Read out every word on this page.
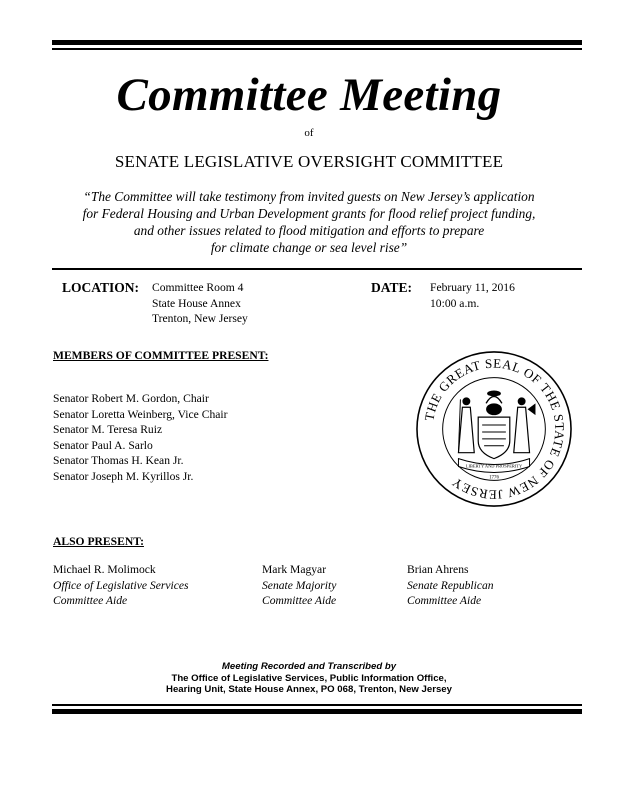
Committee Meeting
of
SENATE LEGISLATIVE OVERSIGHT COMMITTEE
“The Committee will take testimony from invited guests on New Jersey’s application
for Federal Housing and Urban Development grants for flood relief project funding,
and other issues related to flood mitigation and efforts to prepare
for climate change or sea level rise”
LOCATION: Committee Room 4
State House Annex
Trenton, New Jersey
DATE: February 11, 2016
10:00 a.m.
MEMBERS OF COMMITTEE PRESENT:
Senator Robert M. Gordon, Chair
Senator Loretta Weinberg, Vice Chair
Senator M. Teresa Ruiz
Senator Paul A. Sarlo
Senator Thomas H. Kean Jr.
Senator Joseph M. Kyrillos Jr.
THE GREAT SEAL OF THE STATE OF NEW JERSEY
LIBERTY AND PROSPERITY
1776
ALSO PRESENT:
Michael R. Molimock
Office of Legislative Services
Committee Aide
Mark Magyar
Senate Majority
Committee Aide
Brian Ahrens
Senate Republican
Committee Aide
Meeting Recorded and Transcribed by
The Office of Legislative Services, Public Information Office,
Hearing Unit, State House Annex, PO 068, Trenton, New Jersey
